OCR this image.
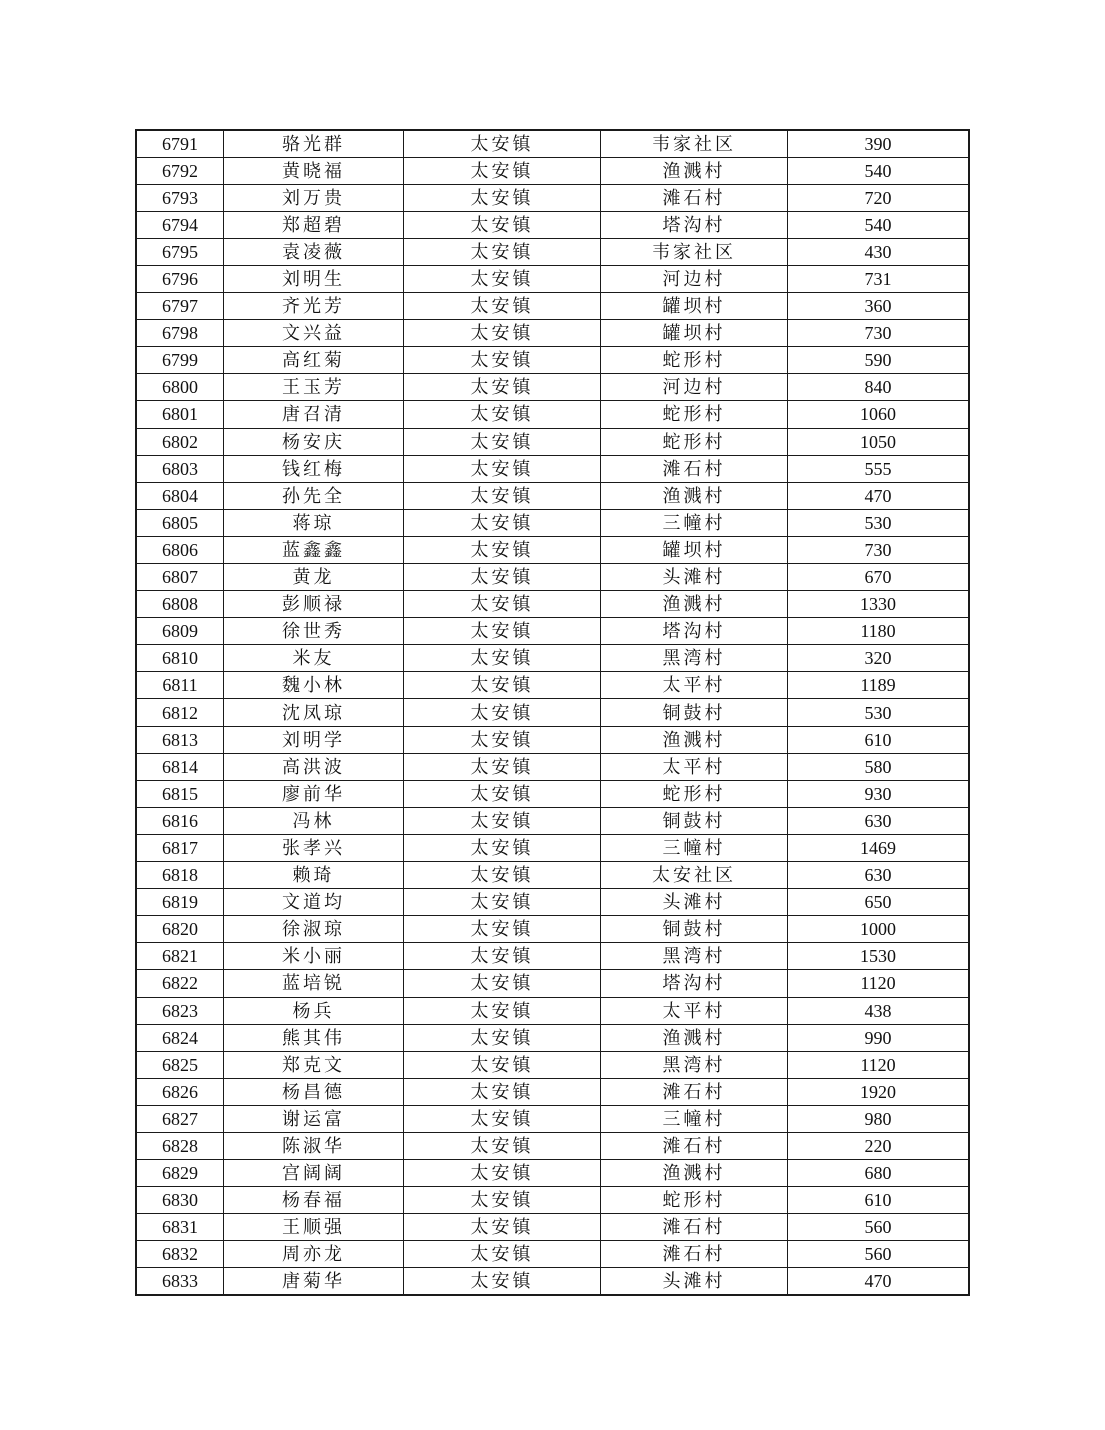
6791	骆光群	太安镇	韦家社区	390
6792	黄晓福	太安镇	渔溅村	540
6793	刘万贵	太安镇	滩石村	720
6794	郑超碧	太安镇	塔沟村	540
6795	袁凌薇	太安镇	韦家社区	430
6796	刘明生	太安镇	河边村	731
6797	齐光芳	太安镇	罐坝村	360
6798	文兴益	太安镇	罐坝村	730
6799	高红菊	太安镇	蛇形村	590
6800	王玉芳	太安镇	河边村	840
6801	唐召清	太安镇	蛇形村	1060
6802	杨安庆	太安镇	蛇形村	1050
6803	钱红梅	太安镇	滩石村	555
6804	孙先全	太安镇	渔溅村	470
6805	蒋琼	太安镇	三幢村	530
6806	蓝鑫鑫	太安镇	罐坝村	730
6807	黄龙	太安镇	头滩村	670
6808	彭顺禄	太安镇	渔溅村	1330
6809	徐世秀	太安镇	塔沟村	1180
6810	米友	太安镇	黑湾村	320
6811	魏小林	太安镇	太平村	1189
6812	沈凤琼	太安镇	铜鼓村	530
6813	刘明学	太安镇	渔溅村	610
6814	高洪波	太安镇	太平村	580
6815	廖前华	太安镇	蛇形村	930
6816	冯林	太安镇	铜鼓村	630
6817	张孝兴	太安镇	三幢村	1469
6818	赖琦	太安镇	太安社区	630
6819	文道均	太安镇	头滩村	650
6820	徐淑琼	太安镇	铜鼓村	1000
6821	米小丽	太安镇	黑湾村	1530
6822	蓝培锐	太安镇	塔沟村	1120
6823	杨兵	太安镇	太平村	438
6824	熊其伟	太安镇	渔溅村	990
6825	郑克文	太安镇	黑湾村	1120
6826	杨昌德	太安镇	滩石村	1920
6827	谢运富	太安镇	三幢村	980
6828	陈淑华	太安镇	滩石村	220
6829	宫阔阔	太安镇	渔溅村	680
6830	杨春福	太安镇	蛇形村	610
6831	王顺强	太安镇	滩石村	560
6832	周亦龙	太安镇	滩石村	560
6833	唐菊华	太安镇	头滩村	470
